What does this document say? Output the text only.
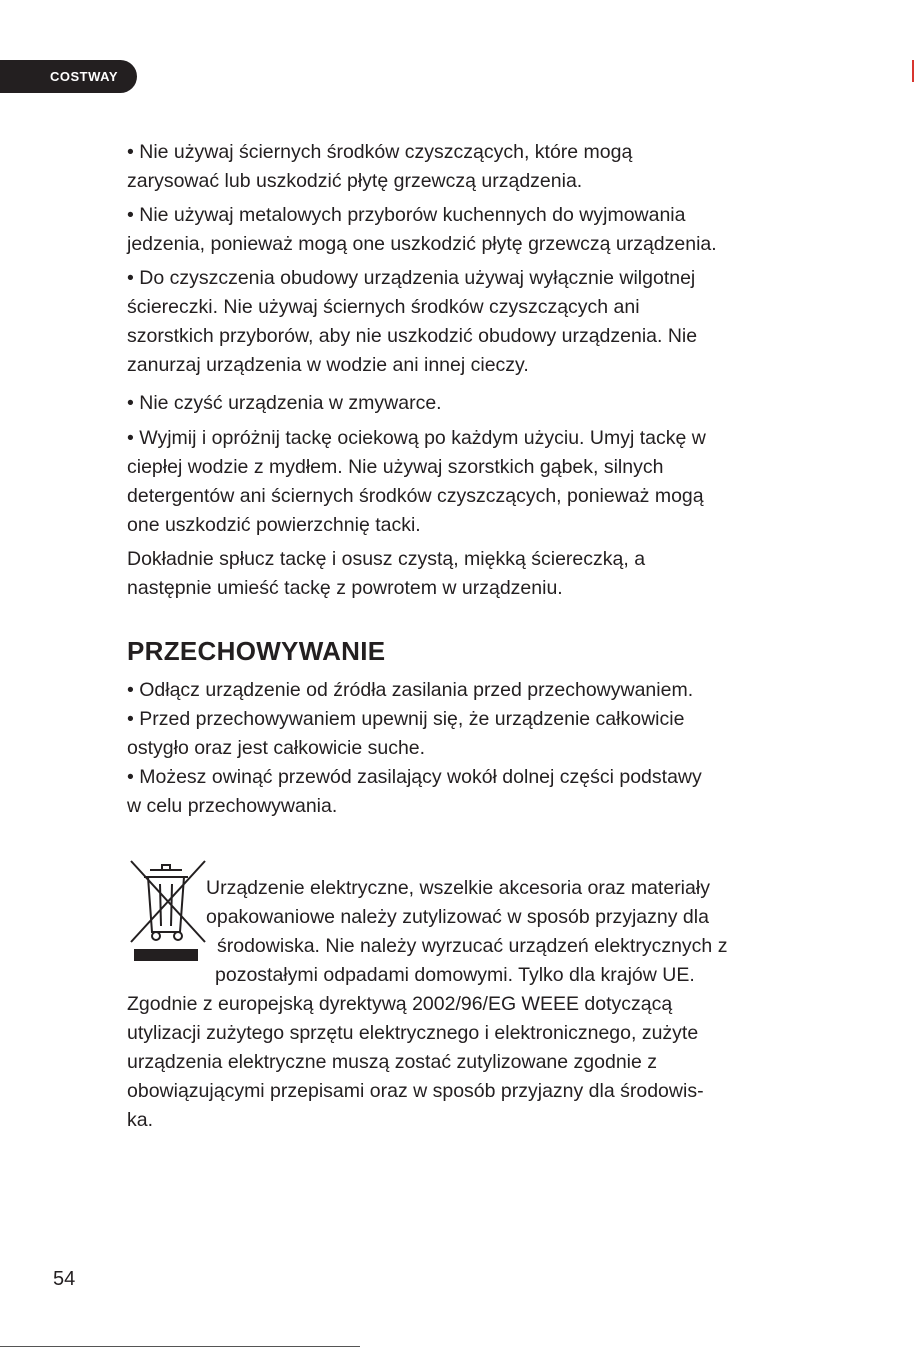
COSTWAY

• Nie używaj ściernych środków czyszczących, które mogą
zarysować lub uszkodzić płytę grzewczą urządzenia.

• Nie używaj metalowych przyborów kuchennych do wyjmowania
jedzenia, ponieważ mogą one uszkodzić płytę grzewczą urządzenia.

• Do czyszczenia obudowy urządzenia używaj wyłącznie wilgotnej
ściereczki. Nie używaj ściernych środków czyszczących ani
szorstkich przyborów, aby nie uszkodzić obudowy urządzenia. Nie
zanurzaj urządzenia w wodzie ani innej cieczy.

• Nie czyść urządzenia w zmywarce.

• Wyjmij i opróżnij tackę ociekową po każdym użyciu. Umyj tackę w
ciepłej wodzie z mydłem. Nie używaj szorstkich gąbek, silnych
detergentów ani ściernych środków czyszczących, ponieważ mogą
one uszkodzić powierzchnię tacki.

Dokładnie spłucz tackę i osusz czystą, miękką ściereczką, a
następnie umieść tackę z powrotem w urządzeniu.

PRZECHOWYWANIE

• Odłącz urządzenie od źródła zasilania przed przechowywaniem.
• Przed przechowywaniem upewnij się, że urządzenie całkowicie
ostygło oraz jest całkowicie suche.
• Możesz owinąć przewód zasilający wokół dolnej części podstawy
w celu przechowywania.

Urządzenie elektryczne, wszelkie akcesoria oraz materiały
opakowaniowe należy zutylizować w sposób przyjazny dla
środowiska. Nie należy wyrzucać urządzeń elektrycznych z
pozostałymi odpadami domowymi. Tylko dla krajów UE.

Zgodnie z europejską dyrektywą 2002/96/EG WEEE dotyczącą
utylizacji zużytego sprzętu elektrycznego i elektronicznego, zużyte
urządzenia elektryczne muszą zostać zutylizowane zgodnie z
obowiązującymi przepisami oraz w sposób przyjazny dla środowis-
ka.

54
